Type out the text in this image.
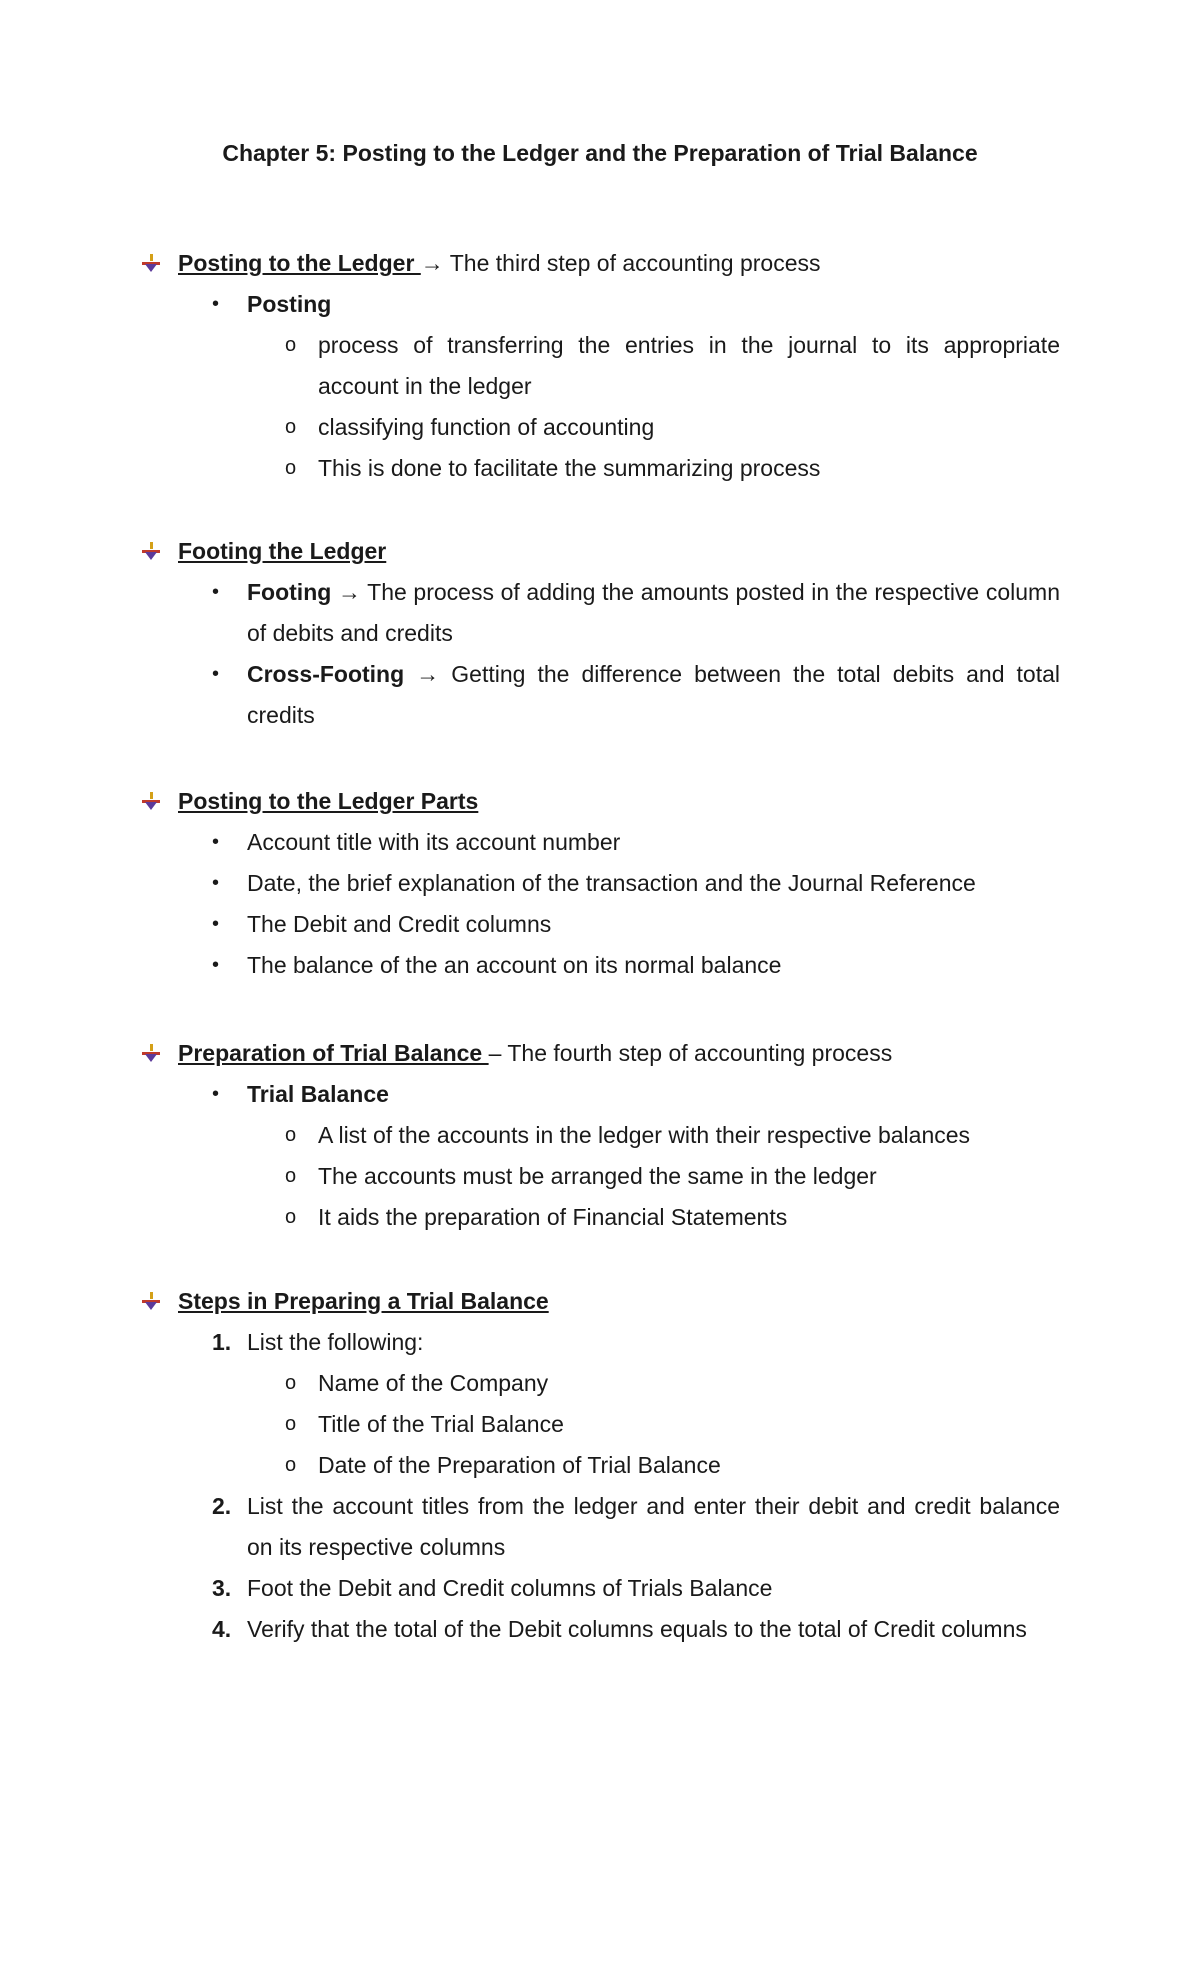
Chapter 5: Posting to the Ledger and the Preparation of Trial Balance
Posting to the Ledger → The third step of accounting process
• Posting
o process of transferring the entries in the journal to its appropriate account in the ledger
o classifying function of accounting
o This is done to facilitate the summarizing process
Footing the Ledger
• Footing → The process of adding the amounts posted in the respective column of debits and credits
• Cross-Footing → Getting the difference between the total debits and total credits
Posting to the Ledger Parts
• Account title with its account number
• Date, the brief explanation of the transaction and the Journal Reference
• The Debit and Credit columns
• The balance of the an account on its normal balance
Preparation of Trial Balance – The fourth step of accounting process
• Trial Balance
o A list of the accounts in the ledger with their respective balances
o The accounts must be arranged the same in the ledger
o It aids the preparation of Financial Statements
Steps in Preparing a Trial Balance
1. List the following:
o Name of the Company
o Title of the Trial Balance
o Date of the Preparation of Trial Balance
2. List the account titles from the ledger and enter their debit and credit balance on its respective columns
3. Foot the Debit and Credit columns of Trials Balance
4. Verify that the total of the Debit columns equals to the total of Credit columns
